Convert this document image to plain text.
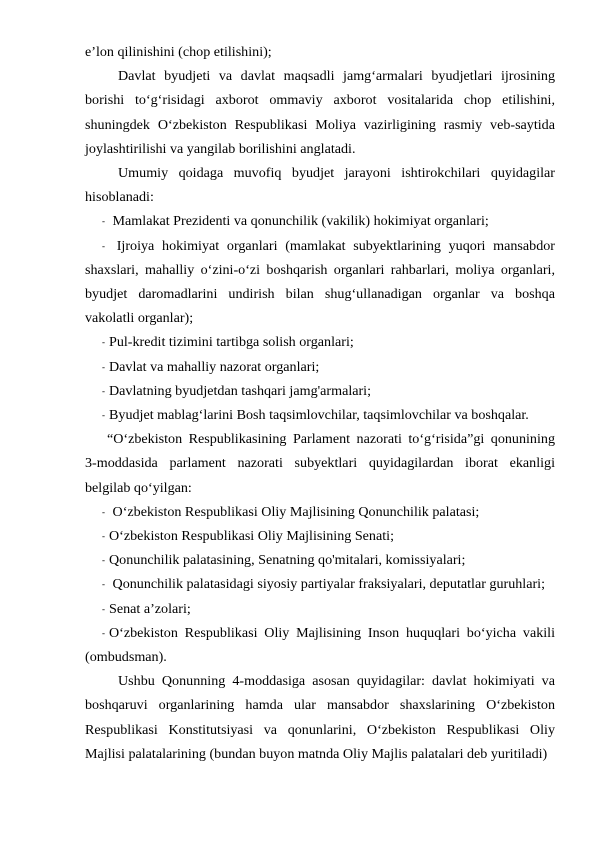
e’lon qilinishini (chop etilishini);

Davlat byudjeti va davlat maqsadli jamg‘armalari byudjetlari ijrosining borishi to‘g‘risidagi axborot ommaviy axborot vositalarida chop etilishini, shuningdek O‘zbekiston Respublikasi Moliya vazirligining rasmiy veb-saytida joylashtirilishi va yangilab borilishini anglatadi.

Umumiy qoidaga muvofiq byudjet jarayoni ishtirokchilari quyidagilar hisoblanadi:

- Mamlakat Prezidenti va qonunchilik (vakilik) hokimiyat organlari;

- Ijroiya hokimiyat organlari (mamlakat subyektlarining yuqori mansabdor shaxslari, mahalliy o‘zini-o‘zi boshqarish organlari rahbarlari, moliya organlari, byudjet daromadlarini undirish bilan shug‘ullanadigan organlar va boshqa vakolatli organlar);

- Pul-kredit tizimini tartibga solish organlari;

- Davlat va mahalliy nazorat organlari;

- Davlatning byudjetdan tashqari jamg'armalari;

- Byudjet mablag‘larini Bosh taqsimlovchilar, taqsimlovchilar va boshqalar.

“O‘zbekiston Respublikasining Parlament nazorati to‘g‘risida”gi qonunining 3-moddasida parlament nazorati subyektlari quyidagilardan iborat ekanligi belgilab qo‘yilgan:

- O‘zbekiston Respublikasi Oliy Majlisining Qonunchilik palatasi;

- O‘zbekiston Respublikasi Oliy Majlisining Senati;

- Qonunchilik palatasining, Senatning qo'mitalari, komissiyalari;

- Qonunchilik palatasidagi siyosiy partiyalar fraksiyalari, deputatlar guruhlari;

- Senat a’zolari;

- O‘zbekiston Respublikasi Oliy Majlisining Inson huquqlari bo‘yicha vakili (ombudsman).

Ushbu Qonunning 4-moddasiga asosan quyidagilar: davlat hokimiyati va boshqaruvi organlarining hamda ular mansabdor shaxslarining O‘zbekiston Respublikasi Konstitutsiyasi va qonunlarini, O‘zbekiston Respublikasi Oliy Majlisi palatalarining (bundan buyon matnda Oliy Majlis palatalari deb yuritiladi)
